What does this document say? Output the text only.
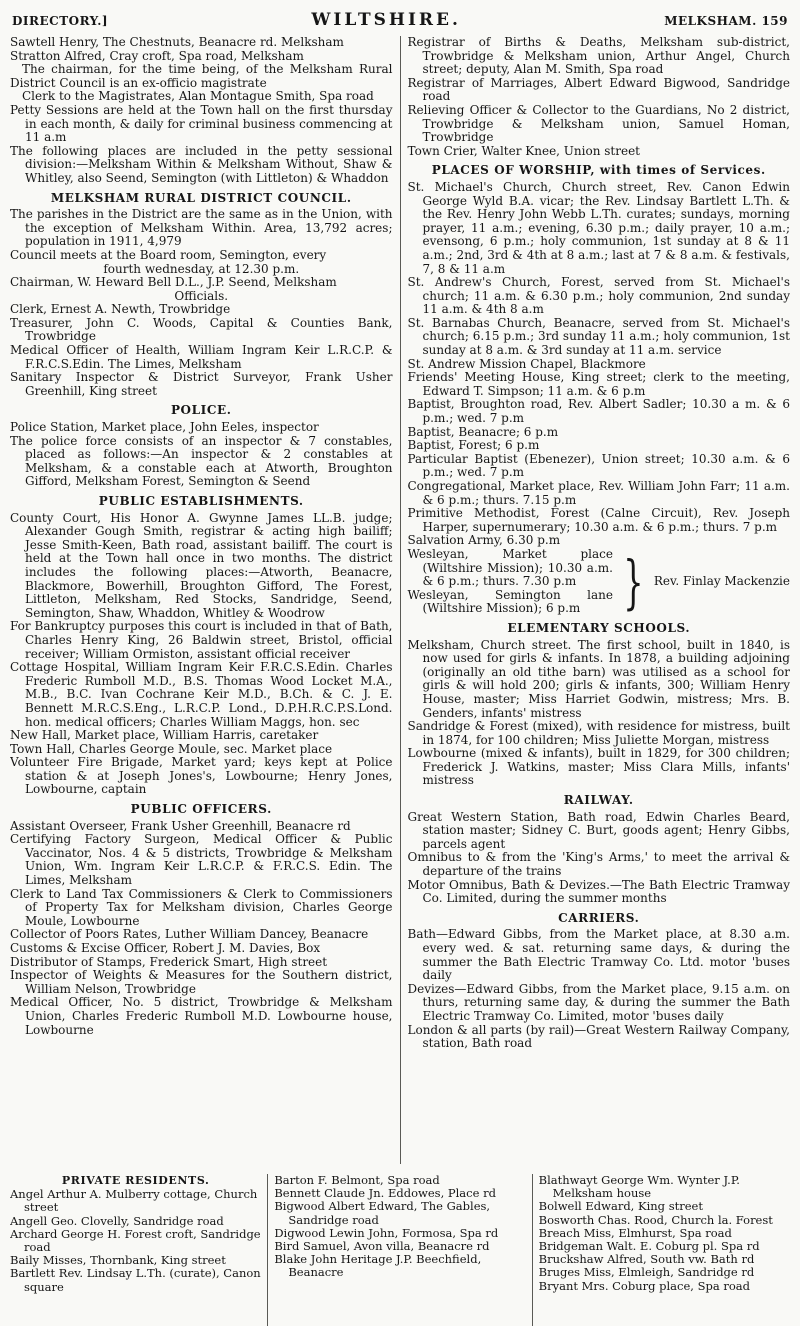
DIRECTORY.]	WILTSHIRE.	MELKSHAM. 159

Sawtell Henry, The Chestnuts, Beanacre rd. Melksham

Stratton Alfred, Cray croft, Spa road, Melksham

The chairman, for the time being, of the Melksham Rural District Council is an ex-officio magistrate

Clerk to the Magistrates, Alan Montague Smith, Spa road

Petty Sessions are held at the Town hall on the first thursday in each month, & daily for criminal business commencing at 11 a.m

The following places are included in the petty sessional division:—Melksham Within & Melksham Without, Shaw & Whitley, also Seend, Semington (with Littleton) & Whaddon

MELKSHAM RURAL DISTRICT COUNCIL.

The parishes in the District are the same as in the Union, with the exception of Melksham Within. Area, 13,792 acres; population in 1911, 4,979

Council meets at the Board room, Semington, every

fourth wednesday, at 12.30 p.m.

Chairman, W. Heward Bell D.L., J.P. Seend, Melksham

Officials.

Clerk, Ernest A. Newth, Trowbridge

Treasurer, John C. Woods, Capital & Counties Bank, Trowbridge

Medical Officer of Health, William Ingram Keir L.R.C.P. & F.R.C.S.Edin. The Limes, Melksham

Sanitary Inspector & District Surveyor, Frank Usher Greenhill, King street

POLICE.

Police Station, Market place, John Eeles, inspector

The police force consists of an inspector & 7 constables, placed as follows:—An inspector & 2 constables at Melksham, & a constable each at Atworth, Broughton Gifford, Melksham Forest, Semington & Seend

PUBLIC ESTABLISHMENTS.

County Court, His Honor A. Gwynne James LL.B. judge; Alexander Gough Smith, registrar & acting high bailiff; Jesse Smith-Keen, Bath road, assistant bailiff. The court is held at the Town hall once in two months. The district includes the following places:—Atworth, Beanacre, Blackmore, Bowerhill, Broughton Gifford, The Forest, Littleton, Melksham, Red Stocks, Sandridge, Seend, Semington, Shaw, Whaddon, Whitley & Woodrow

For Bankruptcy purposes this court is included in that of Bath, Charles Henry King, 26 Baldwin street, Bristol, official receiver; William Ormiston, assistant official receiver

Cottage Hospital, William Ingram Keir F.R.C.S.Edin. Charles Frederic Rumboll M.D., B.S. Thomas Wood Locket M.A., M.B., B.C. Ivan Cochrane Keir M.D., B.Ch. & C. J. E. Bennett M.R.C.S.Eng., L.R.C.P. Lond., D.P.H.R.C.P.S.Lond. hon. medical officers; Charles William Maggs, hon. sec

New Hall, Market place, William Harris, caretaker

Town Hall, Charles George Moule, sec. Market place

Volunteer Fire Brigade, Market yard; keys kept at Police station & at Joseph Jones's, Lowbourne; Henry Jones, Lowbourne, captain

PUBLIC OFFICERS.

Assistant Overseer, Frank Usher Greenhill, Beanacre rd

Certifying Factory Surgeon, Medical Officer & Public Vaccinator, Nos. 4 & 5 districts, Trowbridge & Melksham Union, Wm. Ingram Keir L.R.C.P. & F.R.C.S. Edin. The Limes, Melksham

Clerk to Land Tax Commissioners & Clerk to Commissioners of Property Tax for Melksham division, Charles George Moule, Lowbourne

Collector of Poors Rates, Luther William Dancey, Beanacre

Customs & Excise Officer, Robert J. M. Davies, Box

Distributor of Stamps, Frederick Smart, High street

Inspector of Weights & Measures for the Southern district, William Nelson, Trowbridge

Medical Officer, No. 5 district, Trowbridge & Melksham Union, Charles Frederic Rumboll M.D. Lowbourne house, Lowbourne

Registrar of Births & Deaths, Melksham sub-district, Trowbridge & Melksham union, Arthur Angel, Church street; deputy, Alan M. Smith, Spa road

Registrar of Marriages, Albert Edward Bigwood, Sandridge road

Relieving Officer & Collector to the Guardians, No 2 district, Trowbridge & Melksham union, Samuel Homan, Trowbridge

Town Crier, Walter Knee, Union street

PLACES OF WORSHIP, with times of Services.

St. Michael's Church, Church street, Rev. Canon Edwin George Wyld B.A. vicar; the Rev. Lindsay Bartlett L.Th. & the Rev. Henry John Webb L.Th. curates; sundays, morning prayer, 11 a.m.; evening, 6.30 p.m.; daily prayer, 10 a.m.; evensong, 6 p.m.; holy communion, 1st sunday at 8 & 11 a.m.; 2nd, 3rd & 4th at 8 a.m.; last at 7 & 8 a.m. & festivals, 7, 8 & 11 a.m

St. Andrew's Church, Forest, served from St. Michael's church; 11 a.m. & 6.30 p.m.; holy communion, 2nd sunday 11 a.m. & 4th 8 a.m

St. Barnabas Church, Beanacre, served from St. Michael's church; 6.15 p.m.; 3rd sunday 11 a.m.; holy communion, 1st sunday at 8 a.m. & 3rd sunday at 11 a.m. service

St. Andrew Mission Chapel, Blackmore

Friends' Meeting House, King street; clerk to the meeting, Edward T. Simpson; 11 a.m. & 6 p.m

Baptist, Broughton road, Rev. Albert Sadler; 10.30 a m. & 6 p.m.; wed. 7 p.m

Baptist, Beanacre; 6 p.m

Baptist, Forest; 6 p.m

Particular Baptist (Ebenezer), Union street; 10.30 a.m. & 6 p.m.; wed. 7 p.m

Congregational, Market place, Rev. William John Farr; 11 a.m. & 6 p.m.; thurs. 7.15 p.m

Primitive Methodist, Forest (Calne Circuit), Rev. Joseph Harper, supernumerary; 10.30 a.m. & 6 p.m.; thurs. 7 p.m

Salvation Army, 6.30 p.m

Wesleyan, Market place (Wiltshire Mission); 10.30 a.m. & 6 p.m.; thurs. 7.30 p.m

Wesleyan, Semington lane (Wiltshire Mission); 6 p.m } Rev. Finlay Mackenzie

ELEMENTARY SCHOOLS.

Melksham, Church street. The first school, built in 1840, is now used for girls & infants. In 1878, a building adjoining (originally an old tithe barn) was utilised as a school for girls & will hold 200; girls & infants, 300; William Henry House, master; Miss Harriet Godwin, mistress; Mrs. B. Genders, infants' mistress

Sandridge & Forest (mixed), with residence for mistress, built in 1874, for 100 children; Miss Juliette Morgan, mistress

Lowbourne (mixed & infants), built in 1829, for 300 children; Frederick J. Watkins, master; Miss Clara Mills, infants' mistress

RAILWAY.

Great Western Station, Bath road, Edwin Charles Beard, station master; Sidney C. Burt, goods agent; Henry Gibbs, parcels agent

Omnibus to & from the 'King's Arms,' to meet the arrival & departure of the trains

Motor Omnibus, Bath & Devizes.—The Bath Electric Tramway Co. Limited, during the summer months

CARRIERS.

Bath—Edward Gibbs, from the Market place, at 8.30 a.m. every wed. & sat. returning same days, & during the summer the Bath Electric Tramway Co. Ltd. motor 'buses daily

Devizes—Edward Gibbs, from the Market place, 9.15 a.m. on thurs, returning same day, & during the summer the Bath Electric Tramway Co. Limited, motor 'buses daily

London & all parts (by rail)—Great Western Railway Company, station, Bath road

PRIVATE RESIDENTS.

Angel Arthur A. Mulberry cottage, Church street

Angell Geo. Clovelly, Sandridge road

Archard George H. Forest croft, Sandridge road

Baily Misses, Thornbank, King street

Bartlett Rev. Lindsay L.Th. (curate), Canon square

Barton F. Belmont, Spa road

Bennett Claude Jn. Eddowes, Place rd

Bigwood Albert Edward, The Gables, Sandridge road

Digwood Lewin John, Formosa, Spa rd

Bird Samuel, Avon villa, Beanacre rd

Blake John Heritage J.P. Beechfield, Beanacre

Blathwayt George Wm. Wynter J.P. Melksham house

Bolwell Edward, King street

Bosworth Chas. Rood, Church la. Forest

Breach Miss, Elmhurst, Spa road

Bridgeman Walt. E. Coburg pl. Spa rd

Bruckshaw Alfred, South vw. Bath rd

Bruges Miss, Elmleigh, Sandridge rd

Bryant Mrs. Coburg place, Spa road
